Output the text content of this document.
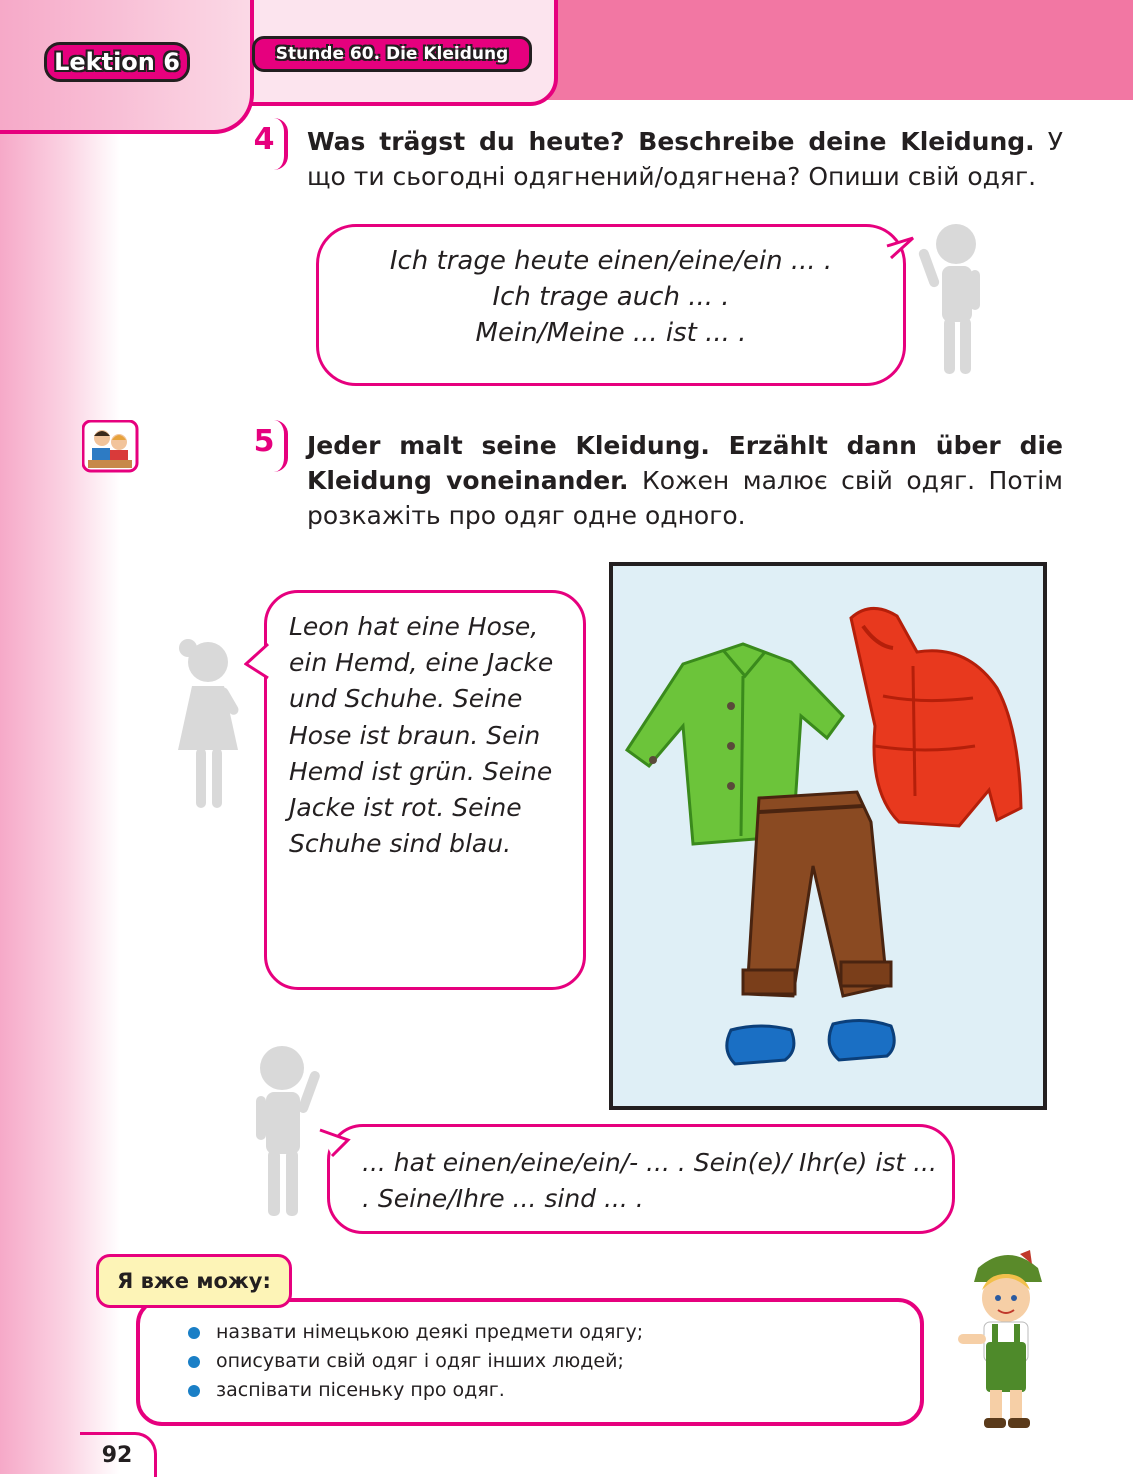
Lektion 6	Stunde 60. Die Kleidung
4	Was trägst du heute? Beschreibe deine Kleidung. У що ти сьогодні одягнений/одягнена? Опиши свій одяг.
Ich trage heute einen/eine/ein ... .
Ich trage auch ... .
Mein/Meine ... ist ... .
5	Jeder malt seine Kleidung. Erzählt dann über die Kleidung voneinander. Кожен малює свій одяг. Потім розкажіть про одяг одне одного.
Leon hat eine Hose, ein Hemd, eine Jacke und Schuhe. Seine Hose ist braun. Sein Hemd ist grün. Seine Jacke ist rot. Seine Schuhe sind blau.
... hat einen/eine/ein/- ... . Sein(e)/ Ihr(e) ist ... . Seine/Ihre ... sind ... .
назвати німецькою деякі предмети одягу;
описувати свій одяг і одяг інших людей;
заспівати пісеньку про одяг.
Я вже можу:
92
